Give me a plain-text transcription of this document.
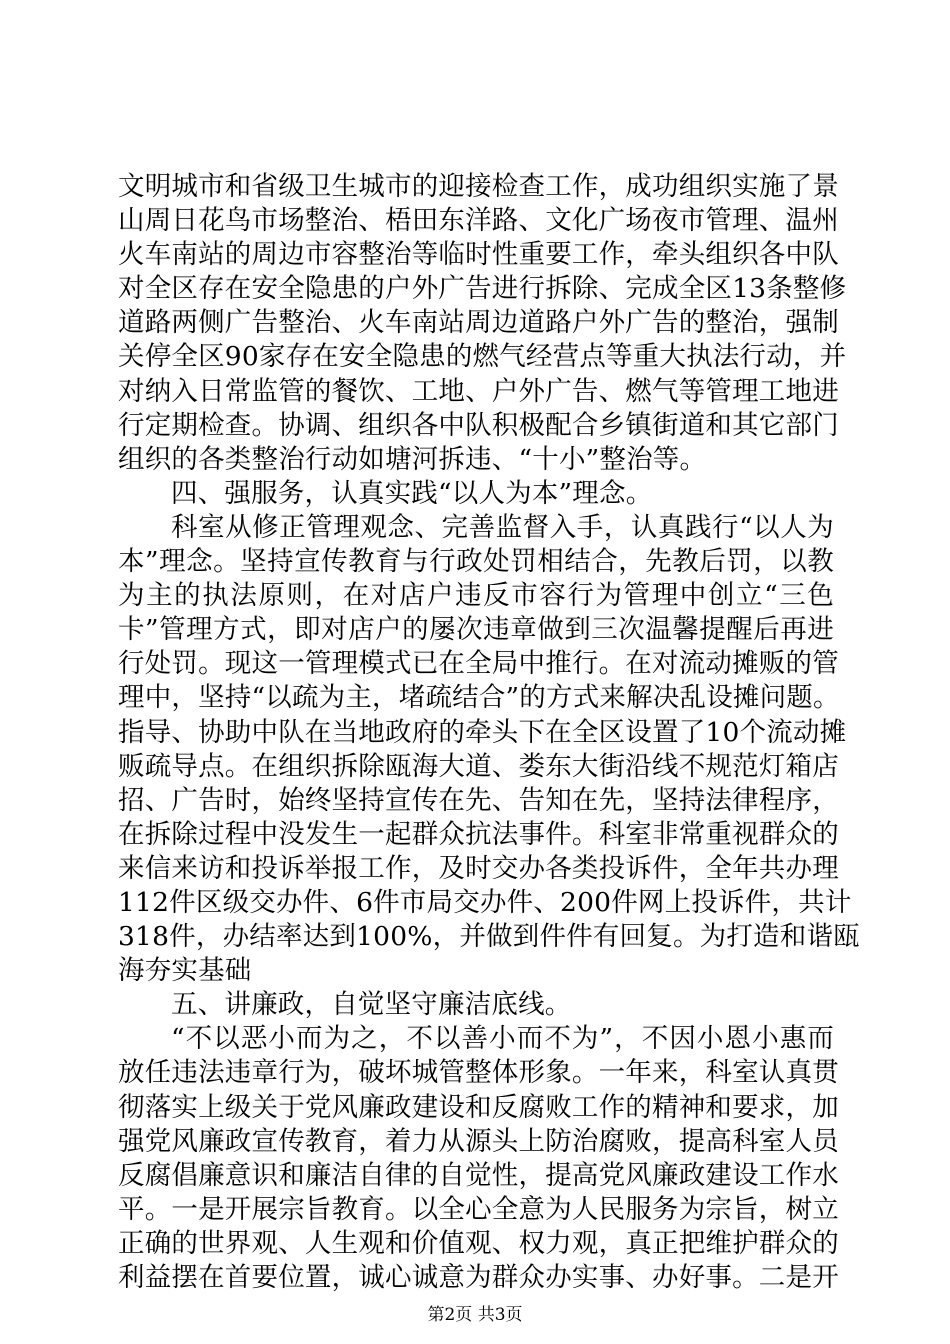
文明城市和省级卫生城市的迎接检查工作，成功组织实施了景
山周日花鸟市场整治、梧田东洋路、文化广场夜市管理、温州
火车南站的周边市容整治等临时性重要工作，牵头组织各中队
对全区存在安全隐患的户外广告进行拆除、完成全区13条整修
道路两侧广告整治、火车南站周边道路户外广告的整治，强制
关停全区90家存在安全隐患的燃气经营点等重大执法行动，并
对纳入日常监管的餐饮、工地、户外广告、燃气等管理工地进
行定期检查。协调、组织各中队积极配合乡镇街道和其它部门
组织的各类整治行动如塘河拆违、“十小”整治等。
四、强服务，认真实践“以人为本”理念。
科室从修正管理观念、完善监督入手，认真践行“以人为
本”理念。坚持宣传教育与行政处罚相结合，先教后罚，以教
为主的执法原则，在对店户违反市容行为管理中创立“三色
卡”管理方式，即对店户的屡次违章做到三次温馨提醒后再进
行处罚。现这一管理模式已在全局中推行。在对流动摊贩的管
理中，坚持“以疏为主，堵疏结合”的方式来解决乱设摊问题。
指导、协助中队在当地政府的牵头下在全区设置了10个流动摊
贩疏导点。在组织拆除瓯海大道、娄东大街沿线不规范灯箱店
招、广告时，始终坚持宣传在先、告知在先，坚持法律程序，
在拆除过程中没发生一起群众抗法事件。科室非常重视群众的
来信来访和投诉举报工作，及时交办各类投诉件，全年共办理
112件区级交办件、6件市局交办件、200件网上投诉件，共计
318件，办结率达到100%，并做到件件有回复。为打造和谐瓯
海夯实基础
五、讲廉政，自觉坚守廉洁底线。
“不以恶小而为之，不以善小而不为”，不因小恩小惠而
放任违法违章行为，破坏城管整体形象。一年来，科室认真贯
彻落实上级关于党风廉政建设和反腐败工作的精神和要求，加
强党风廉政宣传教育，着力从源头上防治腐败，提高科室人员
反腐倡廉意识和廉洁自律的自觉性，提高党风廉政建设工作水
平。一是开展宗旨教育。以全心全意为人民服务为宗旨，树立
正确的世界观、人生观和价值观、权力观，真正把维护群众的
利益摆在首要位置，诚心诚意为群众办实事、办好事。二是开
第2页 共3页
